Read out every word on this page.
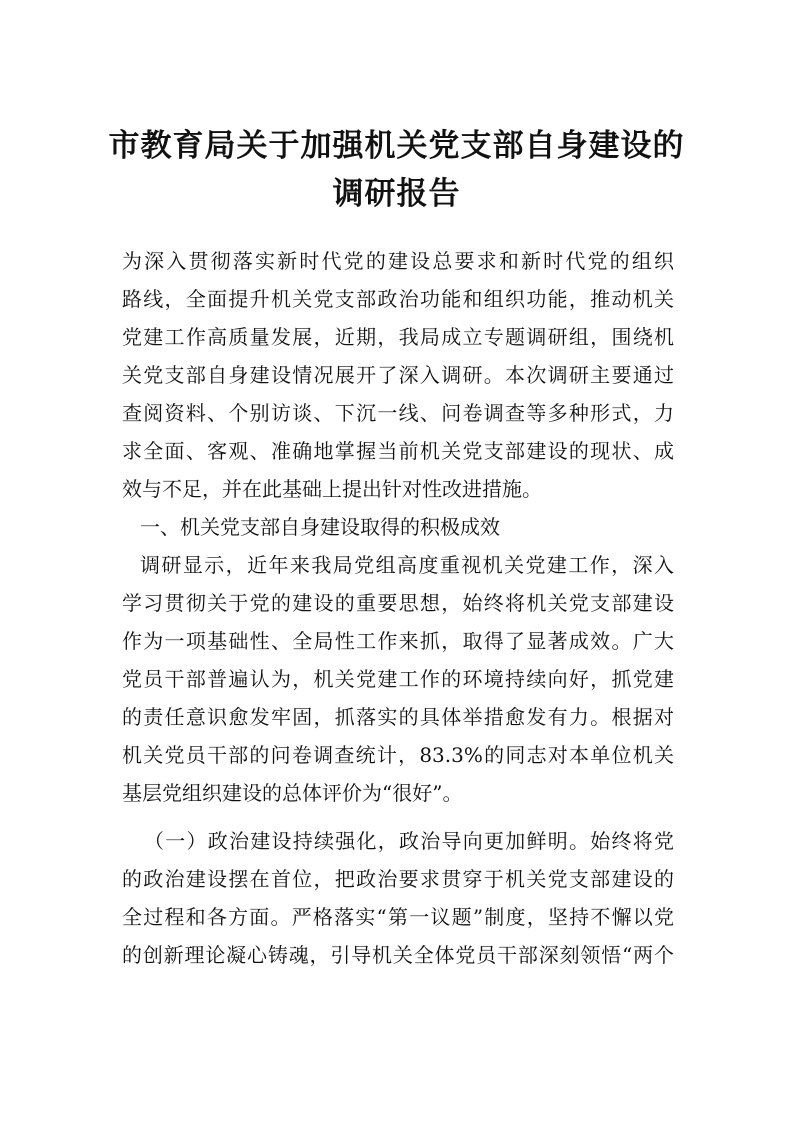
市教育局关于加强机关党支部自身建设的
调研报告
为深入贯彻落实新时代党的建设总要求和新时代党的组织
路线，全面提升机关党支部政治功能和组织功能，推动机关
党建工作高质量发展，近期，我局成立专题调研组，围绕机
关党支部自身建设情况展开了深入调研。本次调研主要通过
查阅资料、个别访谈、下沉一线、问卷调查等多种形式，力
求全面、客观、准确地掌握当前机关党支部建设的现状、成
效与不足，并在此基础上提出针对性改进措施。
一、机关党支部自身建设取得的积极成效
调研显示，近年来我局党组高度重视机关党建工作，深入
学习贯彻关于党的建设的重要思想，始终将机关党支部建设
作为一项基础性、全局性工作来抓，取得了显著成效。广大
党员干部普遍认为，机关党建工作的环境持续向好，抓党建
的责任意识愈发牢固，抓落实的具体举措愈发有力。根据对
机关党员干部的问卷调查统计，83.3%的同志对本单位机关
基层党组织建设的总体评价为“很好”。
（一）政治建设持续强化，政治导向更加鲜明。始终将党
的政治建设摆在首位，把政治要求贯穿于机关党支部建设的
全过程和各方面。严格落实“第一议题”制度，坚持不懈以党
的创新理论凝心铸魂，引导机关全体党员干部深刻领悟“两个
